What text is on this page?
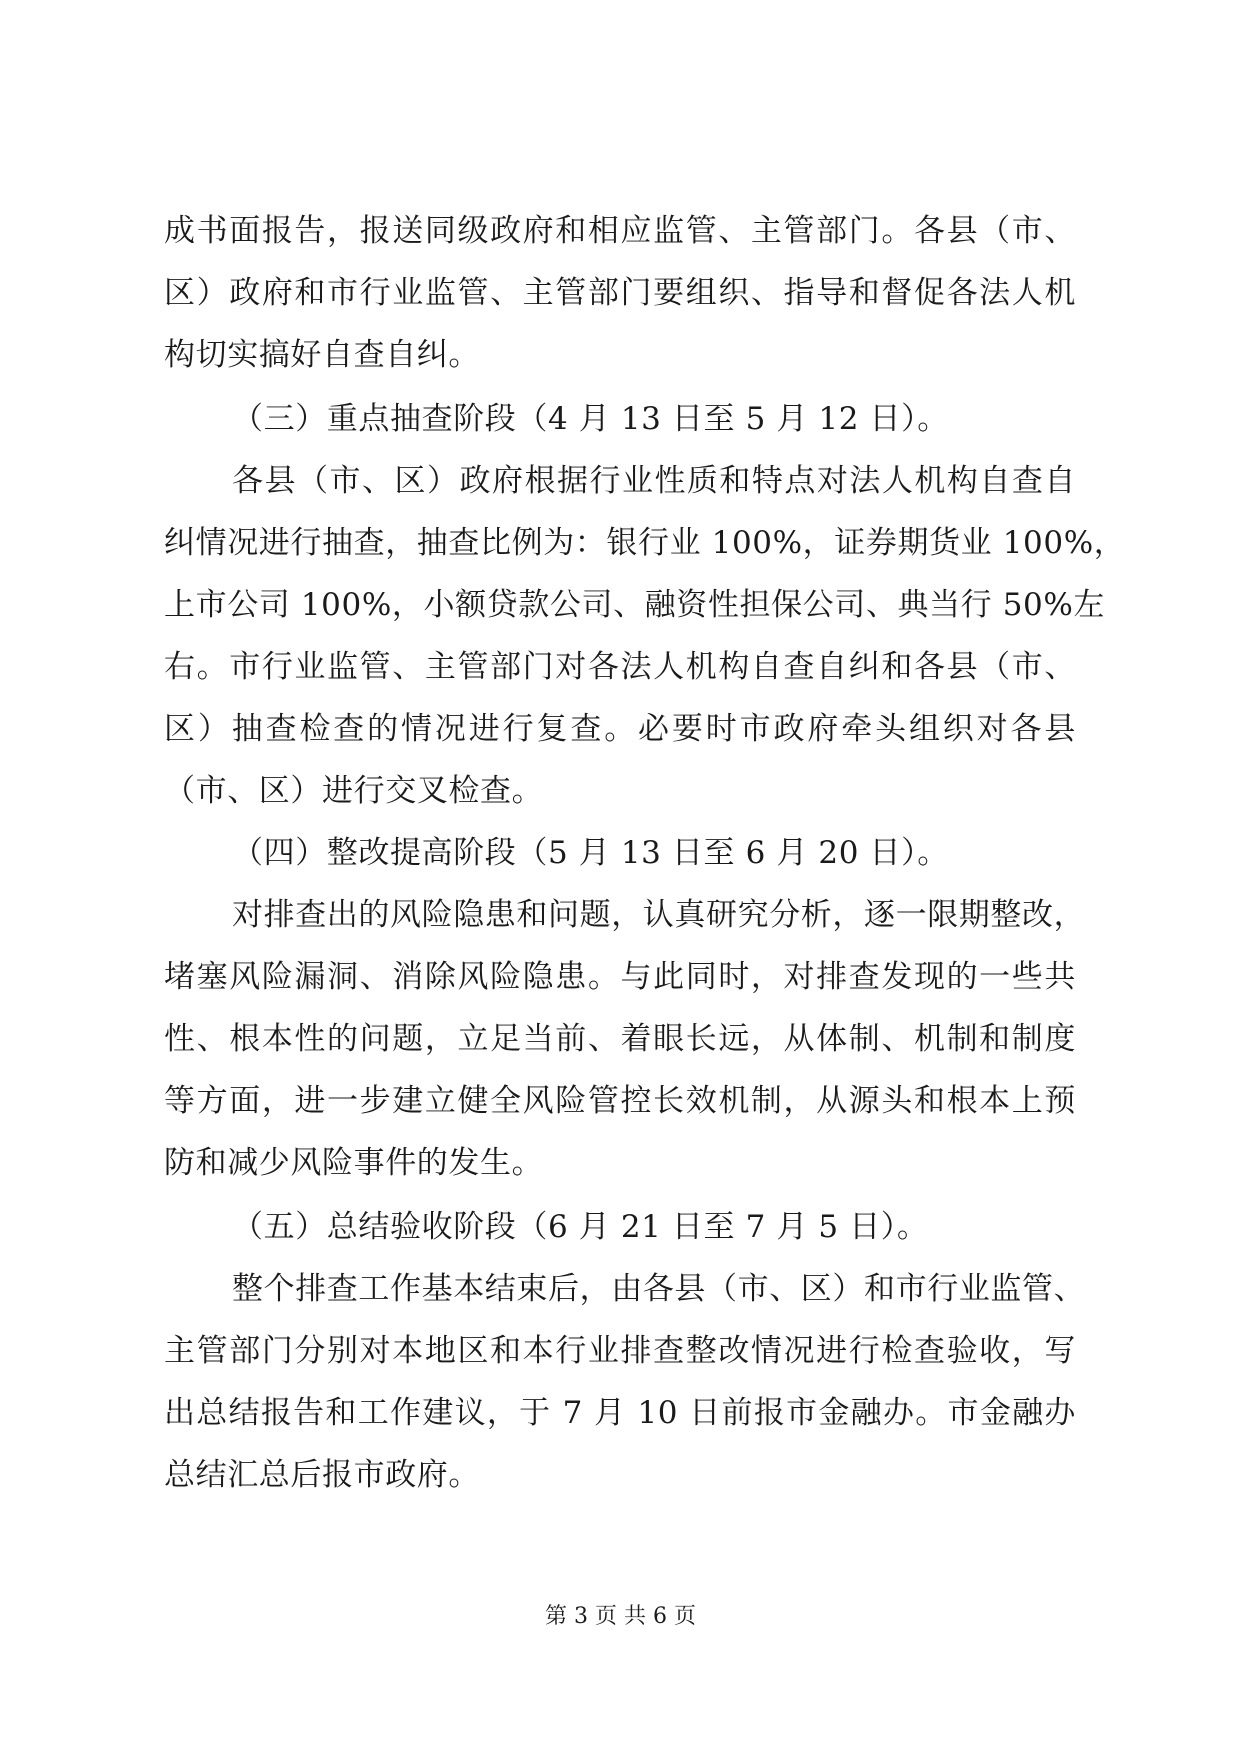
成书面报告，报送同级政府和相应监管、主管部门。各县（市、
区）政府和市行业监管、主管部门要组织、指导和督促各法人机
构切实搞好自查自纠。
（三）重点抽查阶段（4 月 13 日至 5 月 12 日）。
各县（市、区）政府根据行业性质和特点对法人机构自查自
纠情况进行抽查，抽查比例为：银行业 100%，证券期货业 100%，
上市公司 100%，小额贷款公司、融资性担保公司、典当行 50%左
右。市行业监管、主管部门对各法人机构自查自纠和各县（市、
区）抽查检查的情况进行复查。必要时市政府牵头组织对各县
（市、区）进行交叉检查。
（四）整改提高阶段（5 月 13 日至 6 月 20 日）。
对排查出的风险隐患和问题，认真研究分析，逐一限期整改，
堵塞风险漏洞、消除风险隐患。与此同时，对排查发现的一些共
性、根本性的问题，立足当前、着眼长远，从体制、机制和制度
等方面，进一步建立健全风险管控长效机制，从源头和根本上预
防和减少风险事件的发生。
（五）总结验收阶段（6 月 21 日至 7 月 5 日）。
整个排查工作基本结束后，由各县（市、区）和市行业监管、
主管部门分别对本地区和本行业排查整改情况进行检查验收，写
出总结报告和工作建议，于 7 月 10 日前报市金融办。市金融办
总结汇总后报市政府。
第 3 页 共 6 页
